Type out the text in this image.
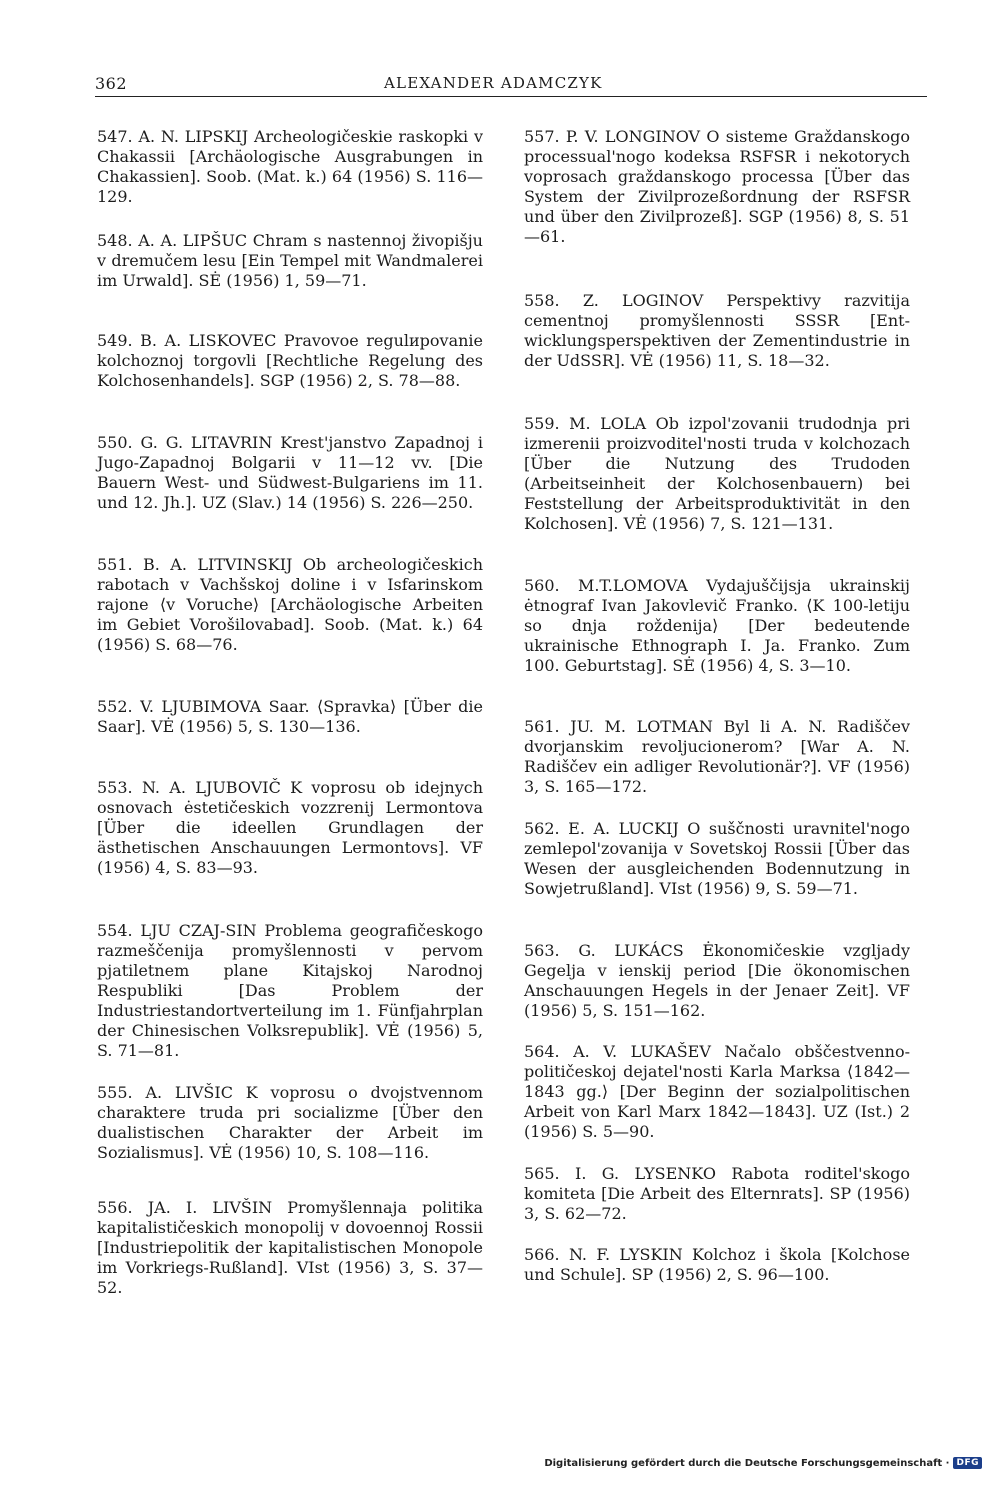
362	ALEXANDER ADAMCZYK

547. A. N. LIPSKIJ Archeologičeskie raskopki v Chakassii [Archäologische Ausgrabungen in Chakassien]. Soob. (Mat. k.) 64 (1956) S. 116—129.

548. A. A. LIPŠUC Chram s nastennoj živopišju v dremučem lesu [Ein Tempel mit Wandmalerei im Urwald]. SĖ (1956) 1, 59—71.

549. B. A. LISKOVEC Pravovoe regulироvanie kolchoznoj torgovli [Rechtliche Regelung des Kolchosenhandels]. SGP (1956) 2, S. 78—88.

550. G. G. LITAVRIN Krest'janstvo Zapadnoj i Jugo-Zapadnoj Bolgarii v 11—12 vv. [Die Bauern West- und Südwest-Bulgariens im 11. und 12. Jh.]. UZ (Slav.) 14 (1956) S. 226—250.

551. B. A. LITVINSKIJ Ob archeologičeskich rabotach v Vachšskoj doline i v Isfarinskom rajone ⟨v Voruche⟩ [Archäologische Arbeiten im Gebiet Vorošilovabad]. Soob. (Mat. k.) 64 (1956) S. 68—76.

552. V. LJUBIMOVA Saar. ⟨Spravka⟩ [Über die Saar]. VĖ (1956) 5, S. 130—136.

553. N. A. LJUBOVIČ K voprosu ob idejnych osnovach ėstetičeskich vozzrenij Lermontova [Über die ideellen Grundlagen der ästhetischen Anschauungen Lermontovs]. VF (1956) 4, S. 83—93.

554. LJU CZAJ-SIN Problema geografičeskogo razmeščenija promyšlennosti v pervom pjatiletnem plane Kitajskoj Narodnoj Respubliki [Das Problem der Industriestandortverteilung im 1. Fünfjahrplan der Chinesischen Volksrepublik]. VĖ (1956) 5, S. 71—81.

555. A. LIVŠIC K voprosu o dvojstvennom charaktere truda pri socializme [Über den dualistischen Charakter der Arbeit im Sozialismus]. VĖ (1956) 10, S. 108—116.

556. JA. I. LIVŠIN Promyšlennaja politika kapitalističeskich monopolij v dovoennoj Rossii [Industriepolitik der kapitalistischen Monopole im Vorkriegs-Rußland]. VIst (1956) 3, S. 37—52.

557. P. V. LONGINOV O sisteme Graždanskogo processual'nogo kodeksa RSFSR i nekotorych voprosach graždanskogo processa [Über das System der Zivilprozeßordnung der RSFSR und über den Zivilprozeß]. SGP (1956) 8, S. 51—61.

558. Z. LOGINOV Perspektivy razvitija cementnoj promyšlennosti SSSR [Entwicklungsperspektiven der Zementindustrie in der UdSSR]. VĖ (1956) 11, S. 18—32.

559. M. LOLA Ob izpol'zovanii trudodnja pri izmerenii proizvoditel'nosti truda v kolchozach [Über die Nutzung des Trudoden (Arbeitseinheit der Kolchosenbauern) bei Feststellung der Arbeitsproduktivität in den Kolchosen]. VĖ (1956) 7, S. 121—131.

560. M.T.LOMOVA Vydajuščijsja ukrainskij ėtnograf Ivan Jakovlevič Franko. ⟨K 100-letiju so dnja roždenija⟩ [Der bedeutende ukrainische Ethnograph I. Ja. Franko. Zum 100. Geburtstag]. SĖ (1956) 4, S. 3—10.

561. JU. M. LOTMAN Byl li A. N. Radiščev dvorjanskim revoljucionerom? [War A. N. Radiščev ein adliger Revolutionär?]. VF (1956) 3, S. 165—172.

562. E. A. LUCKIJ O suščnosti uravnitel'nogo zemlepol'zovanija v Sovetskoj Rossii [Über das Wesen der ausgleichenden Bodennutzung in Sowjetrußland]. VIst (1956) 9, S. 59—71.

563. G. LUKÁCS Ėkonomičeskie vzgljady Gegelja v ienskij period [Die ökonomischen Anschauungen Hegels in der Jenaer Zeit]. VF (1956) 5, S. 151—162.

564. A. V. LUKAŠEV Načalo obščestvenno-političeskoj dejatel'nosti Karla Marksa ⟨1842—1843 gg.⟩ [Der Beginn der sozialpolitischen Arbeit von Karl Marx 1842—1843]. UZ (Ist.) 2 (1956) S. 5—90.

565. I. G. LYSENKO Rabota roditel'skogo komiteta [Die Arbeit des Elternrats]. SP (1956) 3, S. 62—72.

566. N. F. LYSKIN Kolchoz i škola [Kolchose und Schule]. SP (1956) 2, S. 96—100.

Digitalisierung gefördert durch die Deutsche Forschungsgemeinschaft · DFG
